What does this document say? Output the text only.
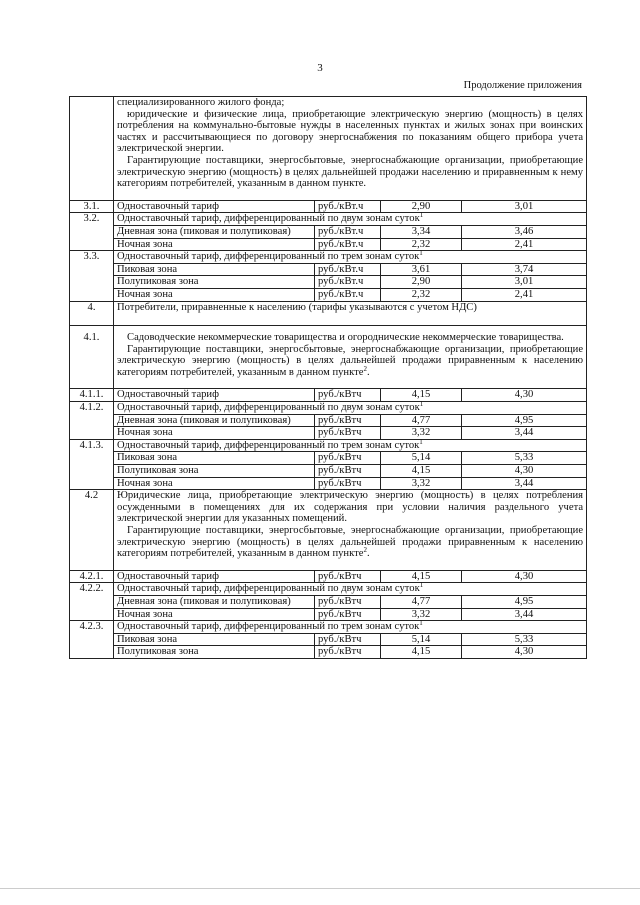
3
Продолжение приложения

	специализированного жилого фонда;

юридические и физические лица, приобретающие электрическую энергию (мощность) в целях потребления на коммунально-бытовые нужды в населенных пунктах и жилых зонах при воинских частях и рассчитывающиеся по договору энергоснабжения по показаниям общего прибора учета электрической энергии.

Гарантирующие поставщики, энергосбытовые, энергоснабжающие организации, приобретающие электрическую энергию (мощность) в целях дальнейшей продажи населению и приравненным к нему категориям потребителей, указанным в данном пункте.			

3.1.	Одноставочный тариф	руб./кВт.ч	2,90	3,01
3.2.	Одноставочный тариф, дифференцированный по двум зонам суток$^1$
	Дневная зона (пиковая и полупиковая)	руб./кВт.ч	3,34	3,46
	Ночная зона	руб./кВт.ч	2,32	2,41
3.3.	Одноставочный тариф, дифференцированный по трем зонам суток$^1$
	Пиковая зона	руб./кВт.ч	3,61	3,74
	Полупиковая зона	руб./кВт.ч	2,90	3,01
	Ночная зона	руб./кВт.ч	2,32	2,41
4.	Потребители, приравненные к населению (тарифы указываются с учетом НДС)			
4.1.	Садоводческие некоммерческие товарищества и огороднические некоммерческие товарищества.

Гарантирующие поставщики, энергосбытовые, энергоснабжающие организации, приобретающие электрическую энергию (мощность) в целях дальнейшей продажи приравненным к населению категориям потребителей, указанным в данном пункте$^2$.			

4.1.1.	Одноставочный тариф	руб./кВтч	4,15	4,30
4.1.2.	Одноставочный тариф, дифференцированный по двум зонам суток$^1$
	Дневная зона (пиковая и полупиковая)	руб./кВтч	4,77	4,95
	Ночная зона	руб./кВтч	3,32	3,44
4.1.3.	Одноставочный тариф, дифференцированный по трем зонам суток$^1$
	Пиковая зона	руб./кВтч	5,14	5,33
	Полупиковая зона	руб./кВтч	4,15	4,30
	Ночная зона	руб./кВтч	3,32	3,44
4.2	Юридические лица, приобретающие электрическую энергию (мощность) в целях потребления осужденными в помещениях для их содержания при условии наличия раздельного учета электрической энергии для указанных помещений.

Гарантирующие поставщики, энергосбытовые, энергоснабжающие организации, приобретающие электрическую энергию (мощность) в целях дальнейшей продажи приравненным к населению категориям потребителей, указанным в данном пункте$^2$.			

4.2.1.	Одноставочный тариф	руб./кВтч	4,15	4,30
4.2.2.	Одноставочный тариф, дифференцированный по двум зонам суток$^1$
	Дневная зона (пиковая и полупиковая)	руб./кВтч	4,77	4,95
	Ночная зона	руб./кВтч	3,32	3,44
4.2.3.	Одноставочный тариф, дифференцированный по трем зонам суток$^1$
	Пиковая зона	руб./кВтч	5,14	5,33
	Полупиковая зона	руб./кВтч	4,15	4,30
